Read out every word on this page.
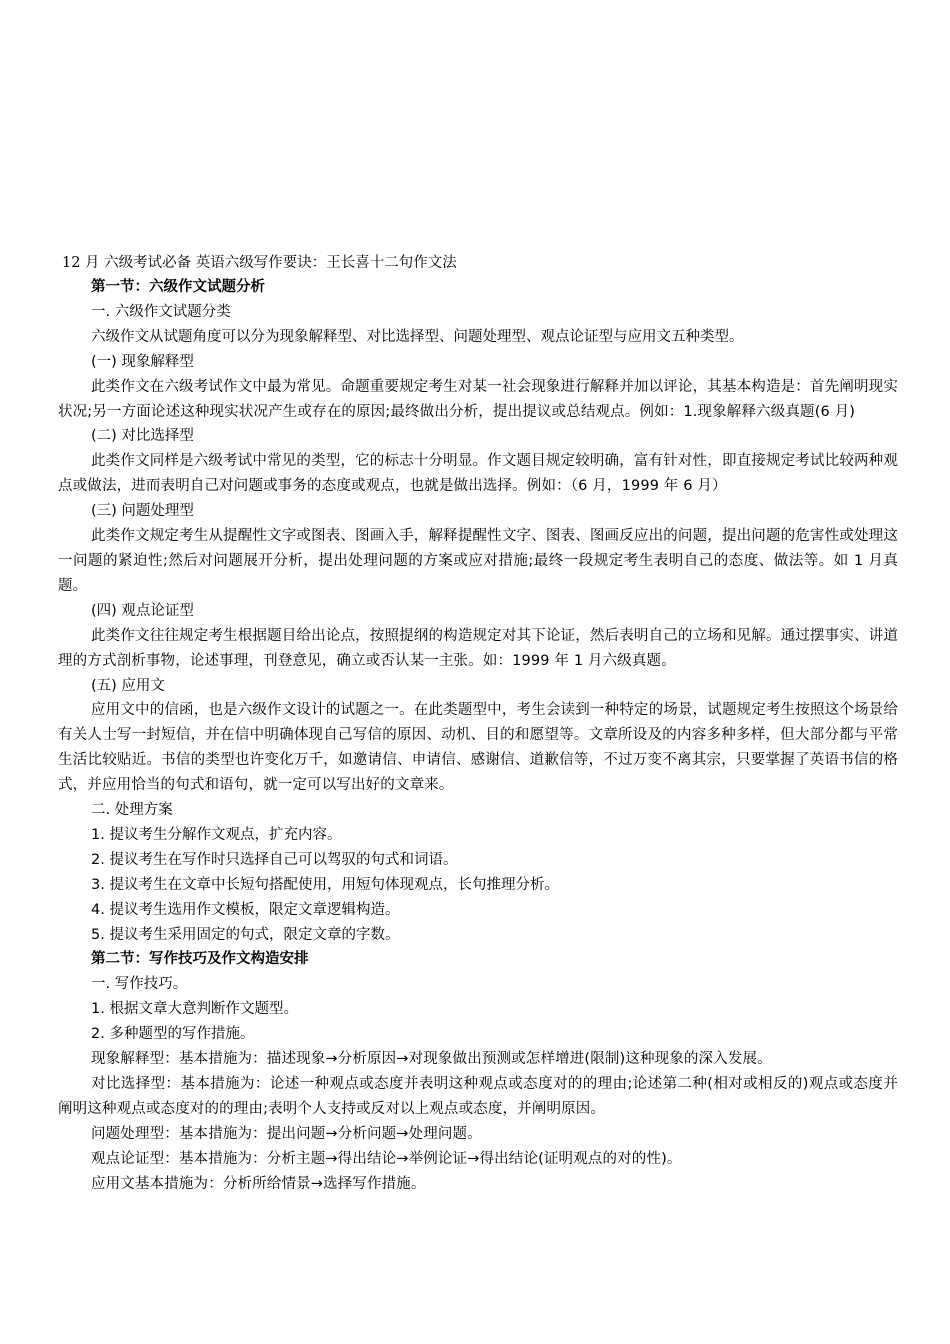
12 月 六级考试必备 英语六级写作要诀：王长喜十二句作文法
第一节：六级作文试题分析
一. 六级作文试题分类
六级作文从试题角度可以分为现象解释型、对比选择型、问题处理型、观点论证型与应用文五种类型。
(一) 现象解释型
此类作文在六级考试作文中最为常见。命题重要规定考生对某一社会现象进行解释并加以评论，其基本构造是：首先阐明现实状况;另一方面论述这种现实状况产生或存在的原因;最终做出分析，提出提议或总结观点。例如：1.现象解释六级真题(6 月)
(二) 对比选择型
此类作文同样是六级考试中常见的类型，它的标志十分明显。作文题目规定较明确，富有针对性，即直接规定考试比较两种观点或做法，进而表明自己对问题或事务的态度或观点，也就是做出选择。例如：（6 月，1999 年 6 月）
(三) 问题处理型
此类作文规定考生从提醒性文字或图表、图画入手，解释提醒性文字、图表、图画反应出的问题，提出问题的危害性或处理这一问题的紧迫性;然后对问题展开分析，提出处理问题的方案或应对措施;最终一段规定考生表明自己的态度、做法等。如 1 月真题。
(四) 观点论证型
此类作文往往规定考生根据题目给出论点，按照提纲的构造规定对其下论证，然后表明自己的立场和见解。通过摆事实、讲道理的方式剖析事物，论述事理，刊登意见，确立或否认某一主张。如：1999 年 1 月六级真题。
(五) 应用文
应用文中的信函，也是六级作文设计的试题之一。在此类题型中，考生会读到一种特定的场景，试题规定考生按照这个场景给有关人士写一封短信，并在信中明确体现自己写信的原因、动机、目的和愿望等。文章所设及的内容多种多样，但大部分都与平常生活比较贴近。书信的类型也许变化万千，如邀请信、申请信、感谢信、道歉信等，不过万变不离其宗，只要掌握了英语书信的格式，并应用恰当的句式和语句，就一定可以写出好的文章来。
二. 处理方案
1. 提议考生分解作文观点，扩充内容。
2. 提议考生在写作时只选择自己可以驾驭的句式和词语。
3. 提议考生在文章中长短句搭配使用，用短句体现观点，长句推理分析。
4. 提议考生选用作文模板，限定文章逻辑构造。
5. 提议考生采用固定的句式，限定文章的字数。
第二节：写作技巧及作文构造安排
一. 写作技巧。
1. 根据文章大意判断作文题型。
2. 多种题型的写作措施。
现象解释型：基本措施为：描述现象→分析原因→对现象做出预测或怎样增进(限制)这种现象的深入发展。
对比选择型：基本措施为：论述一种观点或态度并表明这种观点或态度对的的理由;论述第二种(相对或相反的)观点或态度并阐明这种观点或态度对的的理由;表明个人支持或反对以上观点或态度，并阐明原因。
问题处理型：基本措施为：提出问题→分析问题→处理问题。
观点论证型：基本措施为：分析主题→得出结论→举例论证→得出结论(证明观点的对的性)。
应用文基本措施为：分析所给情景→选择写作措施。
